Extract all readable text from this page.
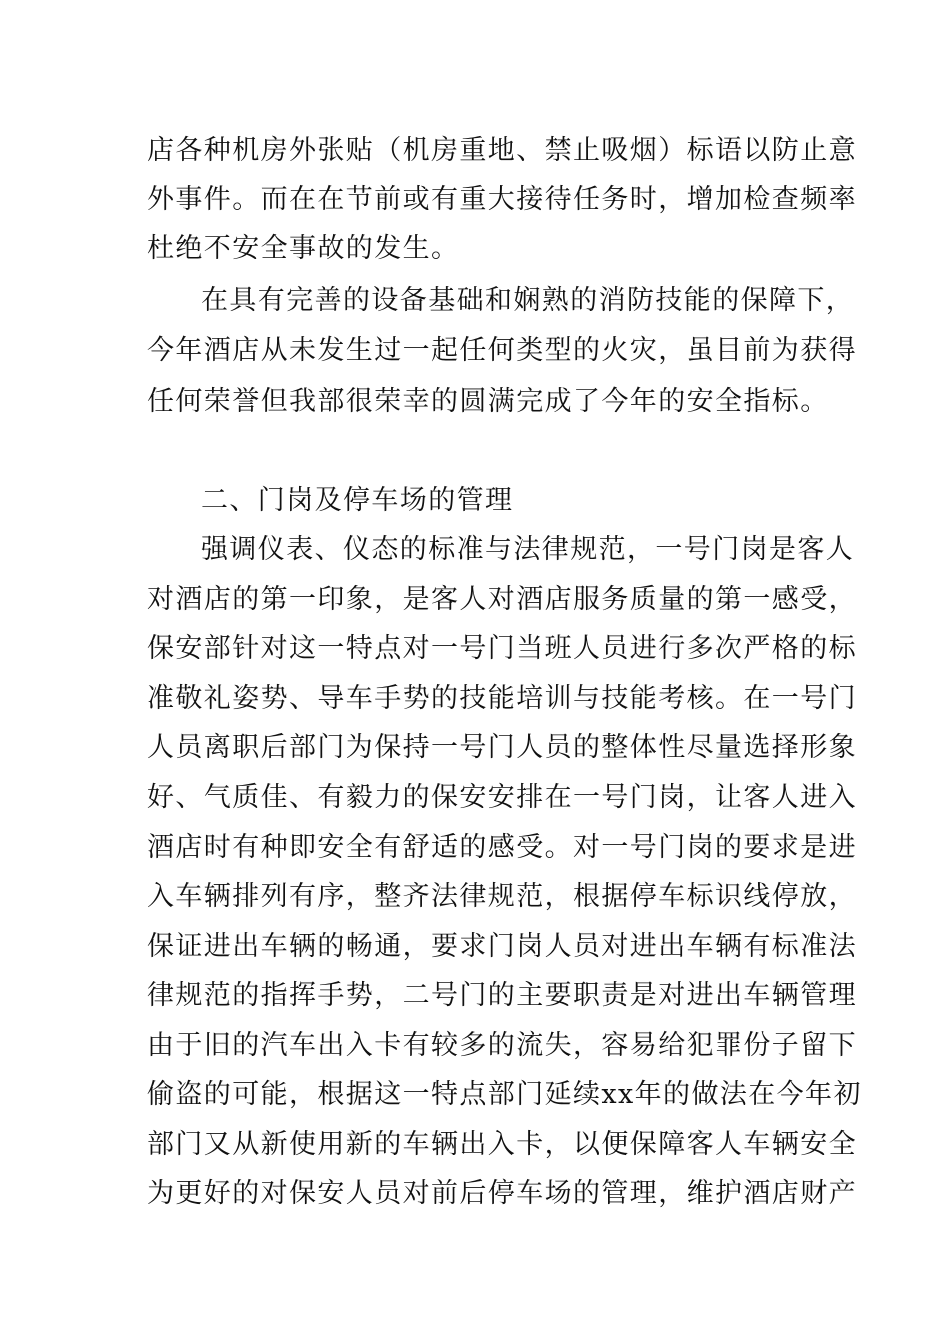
店各种机房外张贴（机房重地、禁止吸烟）标语以防止意
外事件。而在在节前或有重大接待任务时，增加检查频率
杜绝不安全事故的发生。
在具有完善的设备基础和娴熟的消防技能的保障下，
今年酒店从未发生过一起任何类型的火灾，虽目前为获得
任何荣誉但我部很荣幸的圆满完成了今年的安全指标。
二、门岗及停车场的管理
强调仪表、仪态的标准与法律规范，一号门岗是客人
对酒店的第一印象，是客人对酒店服务质量的第一感受，
保安部针对这一特点对一号门当班人员进行多次严格的标
准敬礼姿势、导车手势的技能培训与技能考核。在一号门
人员离职后部门为保持一号门人员的整体性尽量选择形象
好、气质佳、有毅力的保安安排在一号门岗，让客人进入
酒店时有种即安全有舒适的感受。对一号门岗的要求是进
入车辆排列有序，整齐法律规范，根据停车标识线停放，
保证进出车辆的畅通，要求门岗人员对进出车辆有标准法
律规范的指挥手势，二号门的主要职责是对进出车辆管理
由于旧的汽车出入卡有较多的流失，容易给犯罪份子留下
偷盗的可能，根据这一特点部门延续xx年的做法在今年初
部门又从新使用新的车辆出入卡，以便保障客人车辆安全
为更好的对保安人员对前后停车场的管理，维护酒店财产
